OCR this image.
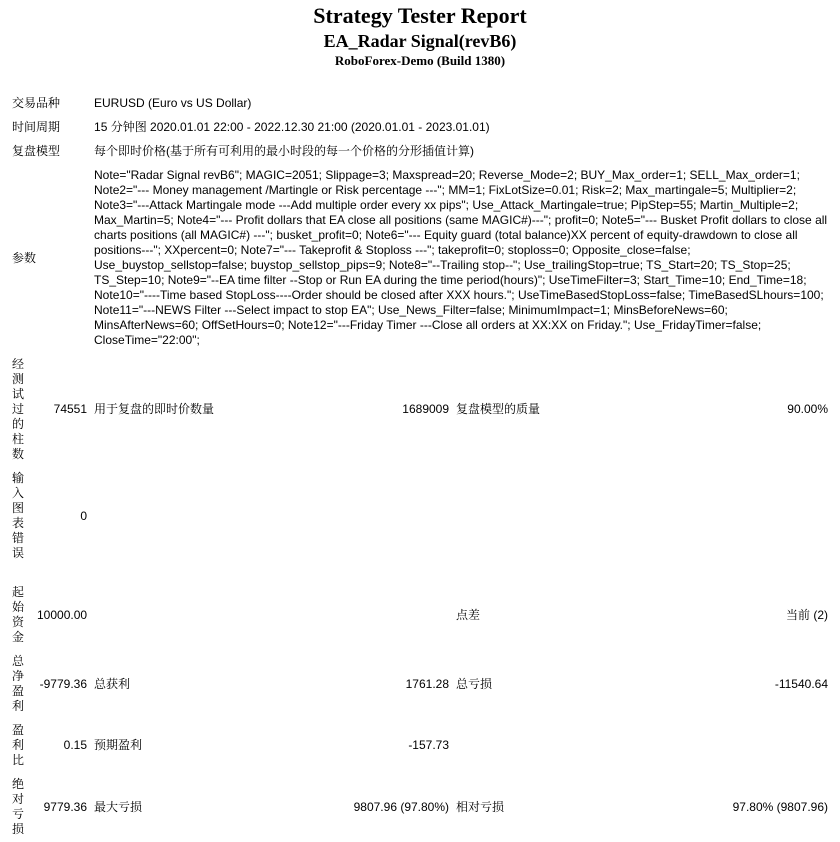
Strategy Tester Report
EA_Radar Signal(revB6)
RoboForex-Demo (Build 1380)
交易品种		EURUSD (Euro vs US Dollar)			
时间周期		15 分钟图 2020.01.01 22:00 - 2022.12.30 21:00 (2020.01.01 - 2023.01.01)			
复盘模型		每个即时价格(基于所有可利用的最小时段的每一个价格的分形插值计算)			
参数		Note="Radar Signal revB6"; MAGIC=2051; Slippage=3; Maxspread=20; Reverse_Mode=2; BUY_Max_order=1; SELL_Max_order=1; Note2="--- Money management /Martingle or Risk percentage ---"; MM=1; FixLotSize=0.01; Risk=2; Max_martingale=5; Multiplier=2; Note3="---Attack Martingale mode ---Add multiple order every xx pips"; Use_Attack_Martingale=true; PipStep=55; Martin_Multiple=2; Max_Martin=5; Note4="--- Profit dollars that EA close all positions (same MAGIC#)---"; profit=0; Note5="--- Busket Profit dollars to close all charts positions (all MAGIC#) ---"; busket_profit=0; Note6="--- Equity guard (total balance)XX percent of equity-drawdown to close all positions---"; XXpercent=0; Note7="--- Takeprofit & Stoploss ---"; takeprofit=0; stoploss=0; Opposite_close=false; Use_buystop_sellstop=false; buystop_sellstop_pips=9; Note8="--Trailing stop--"; Use_trailingStop=true; TS_Start=20; TS_Stop=25; TS_Step=10; Note9="--EA time filter --Stop or Run EA during the time period(hours)"; UseTimeFilter=3; Start_Time=10; End_Time=18; Note10="----Time based StopLoss----Order should be closed after XXX hours."; UseTimeBasedStopLoss=false; TimeBasedSLhours=100; Note11="---NEWS Filter ---Select impact to stop EA"; Use_News_Filter=false; MinimumImpact=1; MinsBeforeNews=60; MinsAfterNews=60; OffSetHours=0; Note12="---Friday Timer ---Close all orders at XX:XX on Friday."; Use_FridayTimer=false; CloseTime="22:00";			
经测试过的柱数	74551	用于复盘的即时价数量	1689009	复盘模型的质量	90.00%
输入图表错误	0				

起始资金	10000.00			点差	当前 (2)
总净盈利	-9779.36	总获利	1761.28	总亏损	-11540.64
盈利比	0.15	预期盈利	-157.73		
绝对亏损	9779.36	最大亏损	9807.96 (97.80%)	相对亏损	97.80% (9807.96)
